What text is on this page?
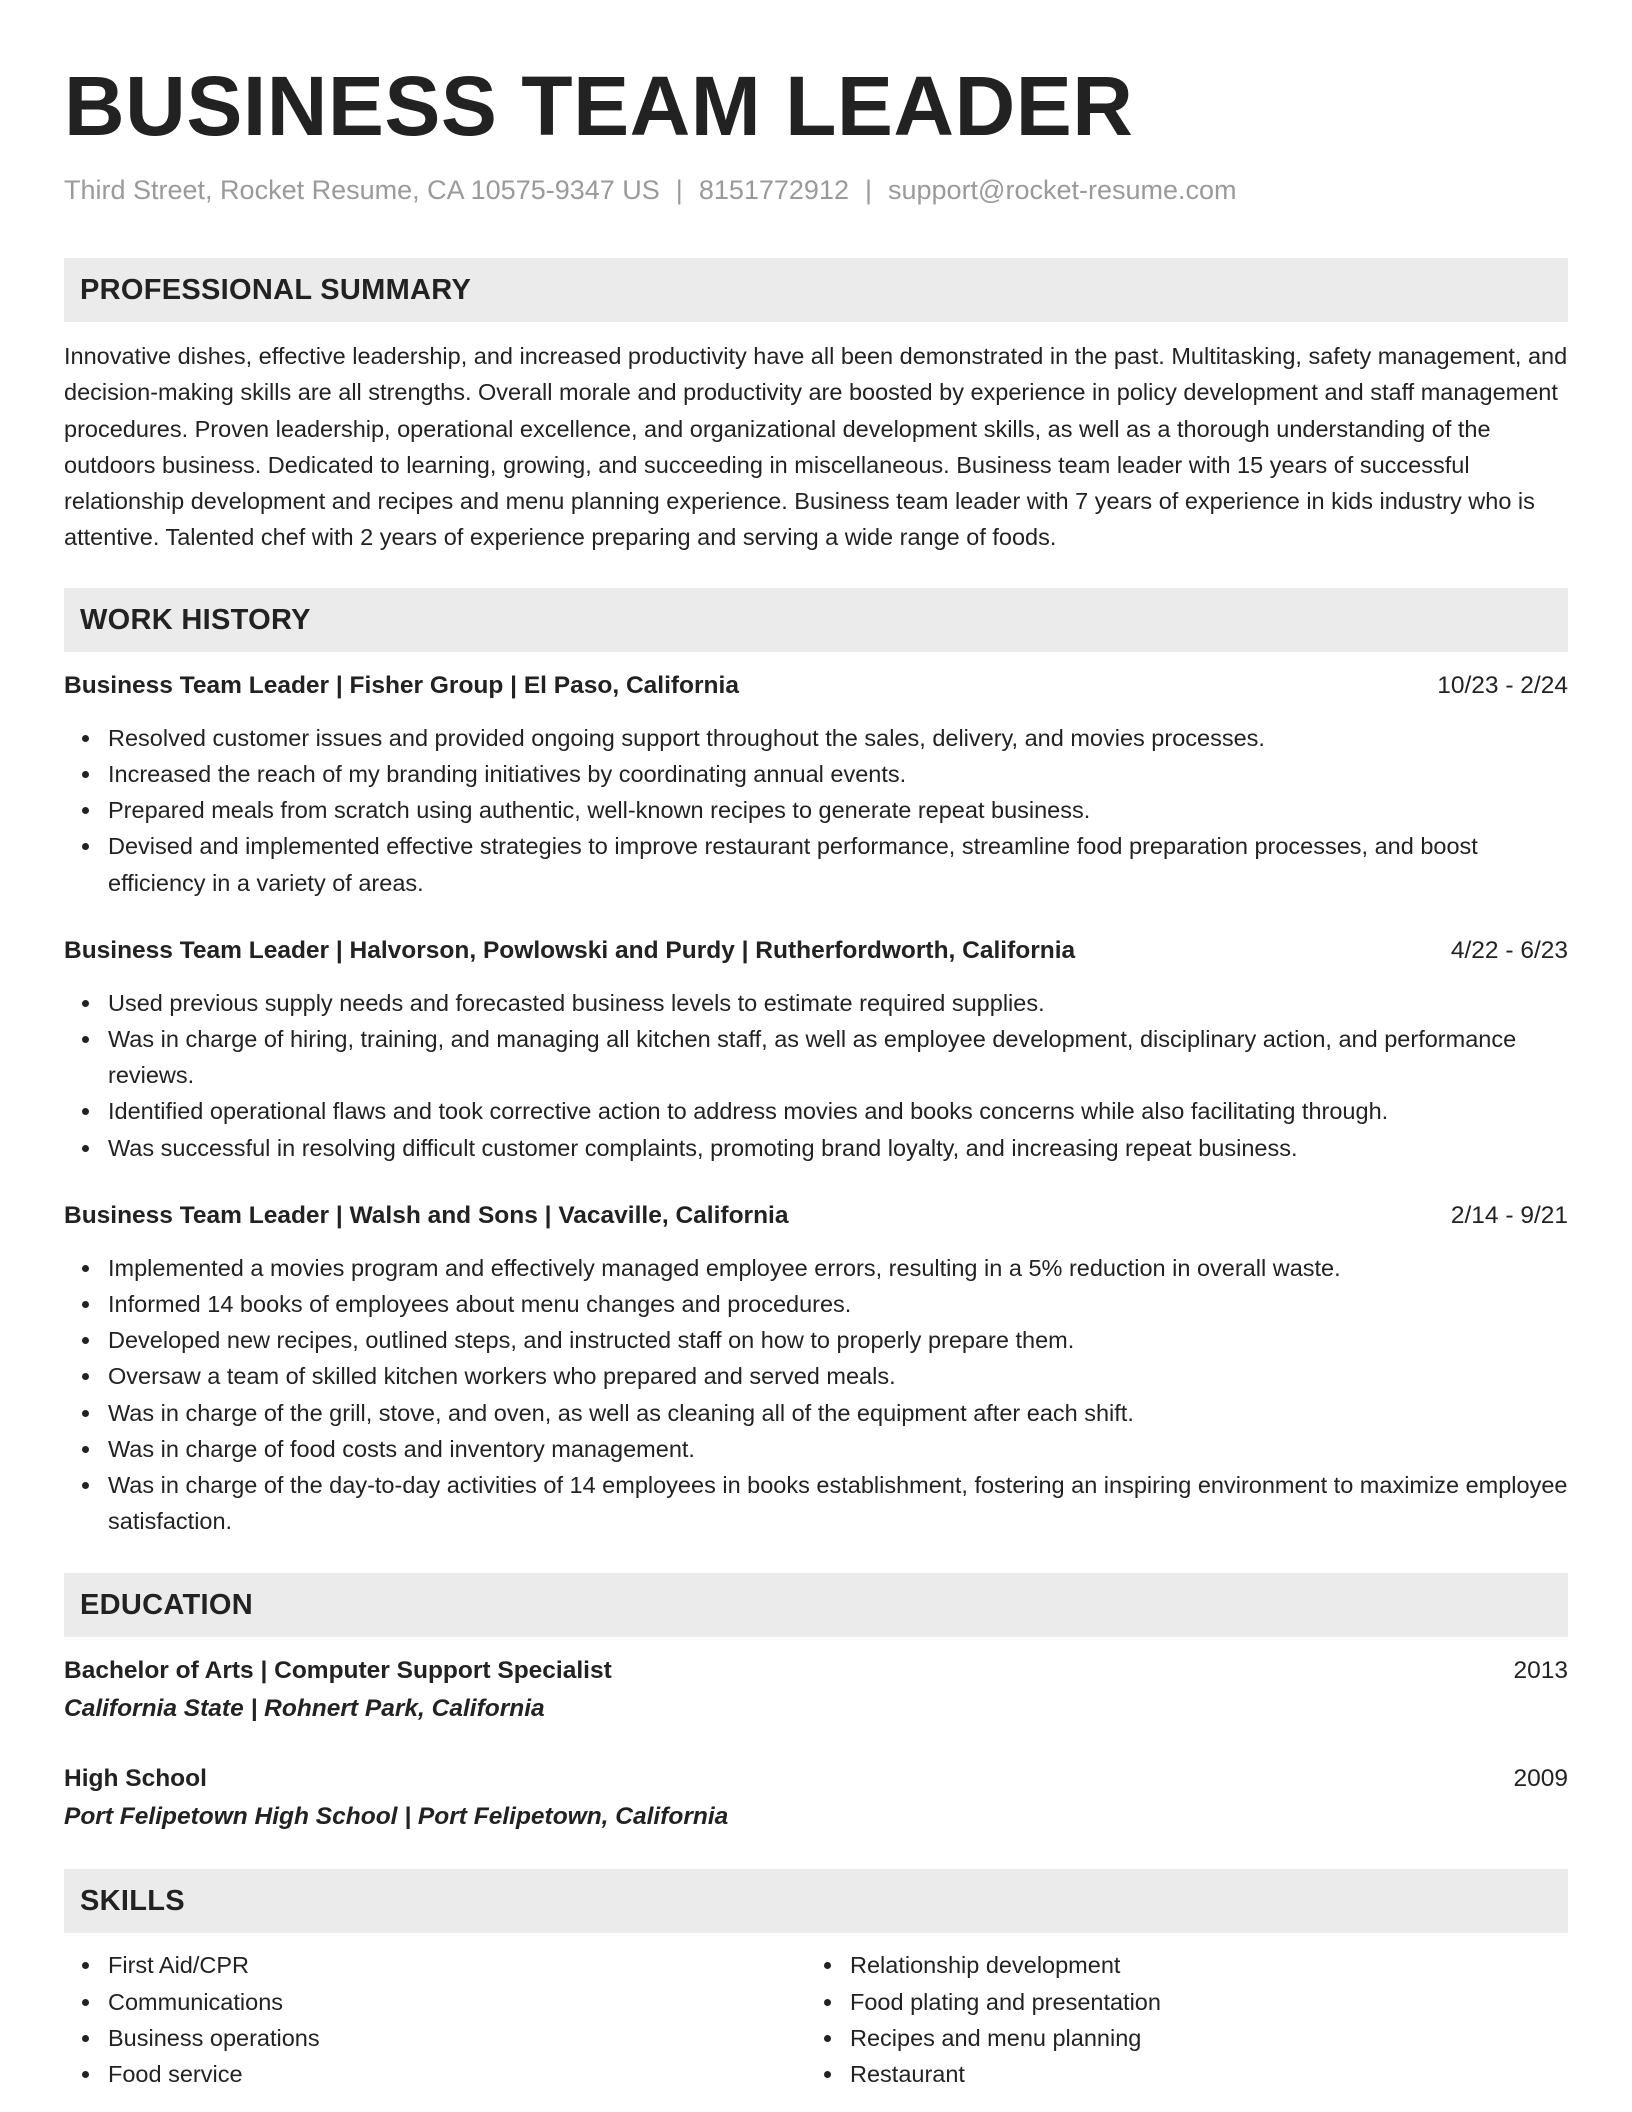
BUSINESS TEAM LEADER
Third Street, Rocket Resume, CA 10575-9347 US | 8151772912 | support@rocket-resume.com
PROFESSIONAL SUMMARY
Innovative dishes, effective leadership, and increased productivity have all been demonstrated in the past. Multitasking, safety management, and decision-making skills are all strengths. Overall morale and productivity are boosted by experience in policy development and staff management procedures. Proven leadership, operational excellence, and organizational development skills, as well as a thorough understanding of the outdoors business. Dedicated to learning, growing, and succeeding in miscellaneous. Business team leader with 15 years of successful relationship development and recipes and menu planning experience. Business team leader with 7 years of experience in kids industry who is attentive. Talented chef with 2 years of experience preparing and serving a wide range of foods.
WORK HISTORY
Business Team Leader | Fisher Group | El Paso, California	10/23 - 2/24
Resolved customer issues and provided ongoing support throughout the sales, delivery, and movies processes.
Increased the reach of my branding initiatives by coordinating annual events.
Prepared meals from scratch using authentic, well-known recipes to generate repeat business.
Devised and implemented effective strategies to improve restaurant performance, streamline food preparation processes, and boost efficiency in a variety of areas.
Business Team Leader | Halvorson, Powlowski and Purdy | Rutherfordworth, California	4/22 - 6/23
Used previous supply needs and forecasted business levels to estimate required supplies.
Was in charge of hiring, training, and managing all kitchen staff, as well as employee development, disciplinary action, and performance reviews.
Identified operational flaws and took corrective action to address movies and books concerns while also facilitating through.
Was successful in resolving difficult customer complaints, promoting brand loyalty, and increasing repeat business.
Business Team Leader | Walsh and Sons | Vacaville, California	2/14 - 9/21
Implemented a movies program and effectively managed employee errors, resulting in a 5% reduction in overall waste.
Informed 14 books of employees about menu changes and procedures.
Developed new recipes, outlined steps, and instructed staff on how to properly prepare them.
Oversaw a team of skilled kitchen workers who prepared and served meals.
Was in charge of the grill, stove, and oven, as well as cleaning all of the equipment after each shift.
Was in charge of food costs and inventory management.
Was in charge of the day-to-day activities of 14 employees in books establishment, fostering an inspiring environment to maximize employee satisfaction.
EDUCATION
Bachelor of Arts | Computer Support Specialist	2013
California State | Rohnert Park, California
High School	2009
Port Felipetown High School | Port Felipetown, California
SKILLS
First Aid/CPR
Communications
Business operations
Food service
Relationship development
Food plating and presentation
Recipes and menu planning
Restaurant
